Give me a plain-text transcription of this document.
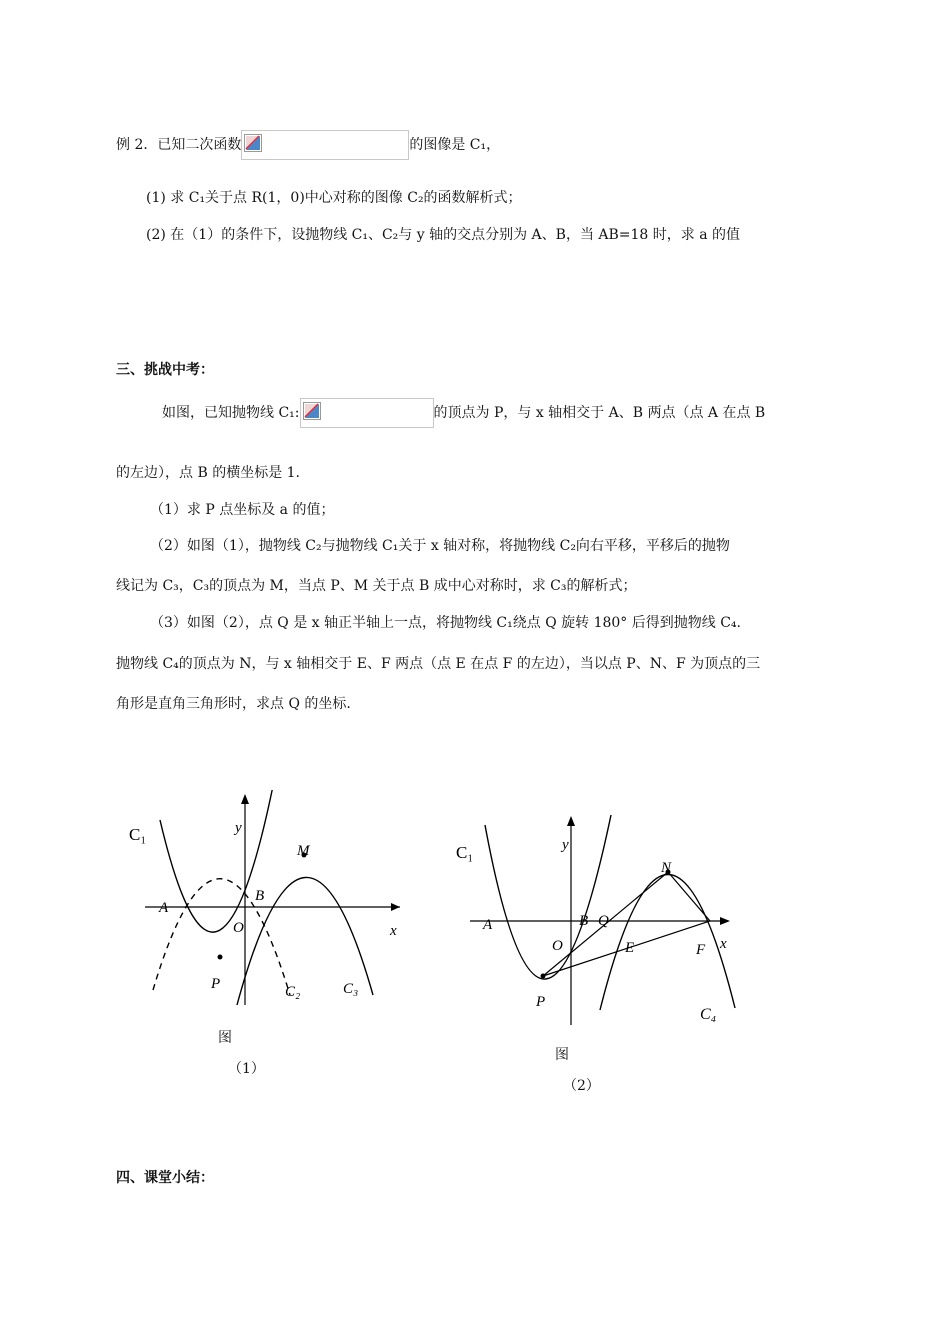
例 2．已知二次函数	的图像是 C₁，
(1) 求 C₁关于点 R(1，0)中心对称的图像 C₂的函数解析式；
(2) 在（1）的条件下，设抛物线 C₁、C₂与 y 轴的交点分别为 A、B，当 AB=18 时，求 a 的值
三、挑战中考：
如图，已知抛物线 C₁:	的顶点为 P，与 x 轴相交于 A、B 两点（点 A 在点 B
的左边），点 B 的横坐标是 1.
（1）求 P 点坐标及 a 的值；
（2）如图（1），抛物线 C₂与抛物线 C₁关于 x 轴对称，将抛物线 C₂向右平移，平移后的抛物
线记为 C₃，C₃的顶点为 M，当点 P、M 关于点 B 成中心对称时，求 C₃的解析式；
（3）如图（2），点 Q 是 x 轴正半轴上一点，将抛物线 C₁绕点 Q 旋转 180° 后得到抛物线 C₄.
抛物线 C₄的顶点为 N，与 x 轴相交于 E、F 两点（点 E 在点 F 的左边），当以点 P、N、F 为顶点的三
角形是直角三角形时，求点 Q 的坐标.
C₁	y
M
B
A
O	x
P	C₂	C₃
图
（1）
C₁	y
N
A	B Q
O	E	F x
P
C₄
图
（2）
四、课堂小结：
